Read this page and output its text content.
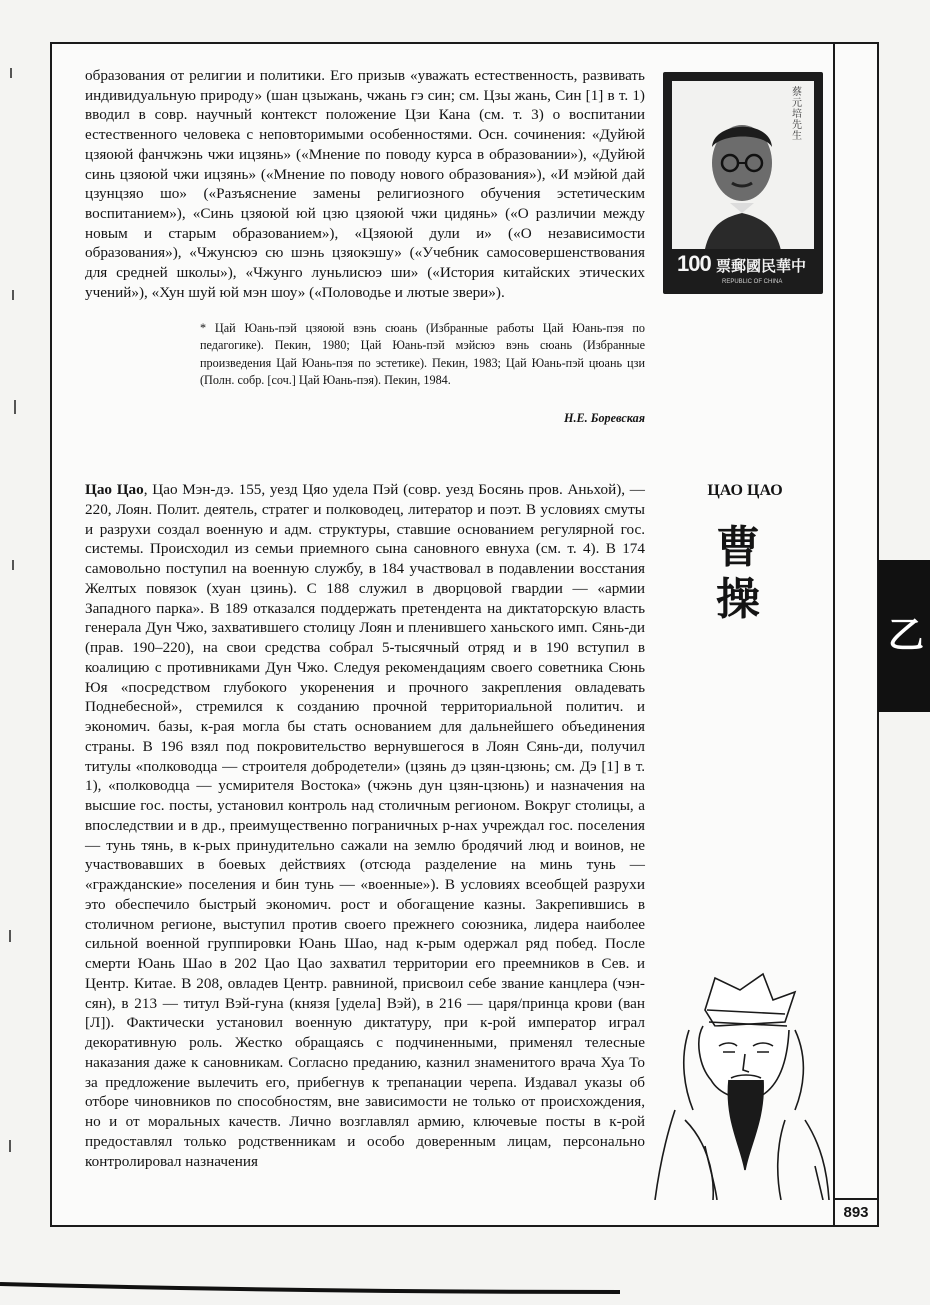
образования от религии и политики. Его призыв «уважать естественность, развивать индивидуальную природу» (шан цзыжань, чжань гэ син; см. Цзы жань, Син [1] в т. 1) вводил в совр. научный контекст положение Цзи Кана (см. т. 3) о воспитании естественного человека с неповторимыми особенностями. Осн. сочинения: «Дуйюй цзяоюй фанчжэнь чжи ицзянь» («Мнение по поводу курса в образовании»), «Дуйюй синь цзяоюй чжи ицзянь» («Мнение по поводу нового образования»), «И мэйюй дай цзунцзяо шо» («Разъяснение замены религиозного обучения эстетическим воспитанием»), «Синь цзяоюй юй цзю цзяоюй чжи цидянь» («О различии между новым и старым образованием»), «Цзяоюй дули и» («О независимости образования»), «Чжунсюэ сю шэнь цзяокэшу» («Учебник самосовершенствования для средней школы»), «Чжунго луньлисюэ ши» («История китайских этических учений»), «Хун шуй юй мэн шоу» («Половодье и лютые звери»).

* Цай Юань-пэй цзяоюй вэнь сюань (Избранные работы Цай Юань-пэя по педагогике). Пекин, 1980; Цай Юань-пэй мэйсюэ вэнь сюань (Избранные произведения Цай Юань-пэя по эстетике). Пекин, 1983; Цай Юань-пэй цюань цзи (Полн. собр. [соч.] Цай Юань-пэя). Пекин, 1984.

Н.Е. Боревская
蔡元培先生
100 票郵國民華中
REPUBLIC OF CHINA
ЦАО ЦАО
曹
操

Цао Цао, Цао Мэн-дэ. 155, уезд Цяо удела Пэй (совр. уезд Босянь пров. Аньхой), — 220, Лоян. Полит. деятель, стратег и полководец, литератор и поэт. В условиях смуты и разрухи создал военную и адм. структуры, ставшие основанием регулярной гос. системы. Происходил из семьи приемного сына сановного евнуха (см. т. 4). В 174 самовольно поступил на военную службу, в 184 участвовал в подавлении восстания Желтых повязок (хуан цзинь). С 188 служил в дворцовой гвардии — «армии Западного парка». В 189 отказался поддержать претендента на диктаторскую власть генерала Дун Чжо, захватившего столицу Лоян и пленившего ханьского имп. Сянь-ди (прав. 190–220), на свои средства собрал 5-тысячный отряд и в 190 вступил в коалицию с противниками Дун Чжо. Следуя рекомендациям своего советника Сюнь Юя «посредством глубокого укоренения и прочного закрепления овладевать Поднебесной», стремился к созданию прочной территориальной политич. и экономич. базы, к-рая могла бы стать основанием для дальнейшего объединения страны. В 196 взял под покровительство вернувшегося в Лоян Сянь-ди, получил титулы «полководца — строителя добродетели» (цзянь дэ цзян-цзюнь; см. Дэ [1] в т. 1), «полководца — усмирителя Востока» (чжэнь дун цзян-цзюнь) и назначения на высшие гос. посты, установил контроль над столичным регионом. Вокруг столицы, а впоследствии и в др., преимущественно пограничных р-нах учреждал гос. поселения — тунь тянь, в к-рых принудительно сажали на землю бродячий люд и воинов, не участвовавших в боевых действиях (отсюда разделение на минь тунь — «гражданские» поселения и бин тунь — «военные»). В условиях всеобщей разрухи это обеспечило быстрый экономич. рост и обогащение казны. Закрепившись в столичном регионе, выступил против своего прежнего союзника, лидера наиболее сильной военной группировки Юань Шао, над к-рым одержал ряд побед. После смерти Юань Шао в 202 Цао Цао захватил территории его преемников в Сев. и Центр. Китае. В 208, овладев Центр. равниной, присвоил себе звание канцлера (чэн-сян), в 213 — титул Вэй-гуна (князя [удела] Вэй), в 216 — царя/принца крови (ван [Л]). Фактически установил военную диктатуру, при к-рой император играл декоративную роль. Жестко обращаясь с подчиненными, применял телесные наказания даже к сановникам. Согласно преданию, казнил знаменитого врача Хуа То за предложение вылечить его, прибегнув к трепанации черепа. Издавал указы об отборе чиновников по способностям, вне зависимости не только от происхождения, но и от моральных качеств. Лично возглавлял армию, ключевые посты в к-рой предоставлял только родственникам и особо доверенным лицам, персонально контролировал назначения

乙
893
